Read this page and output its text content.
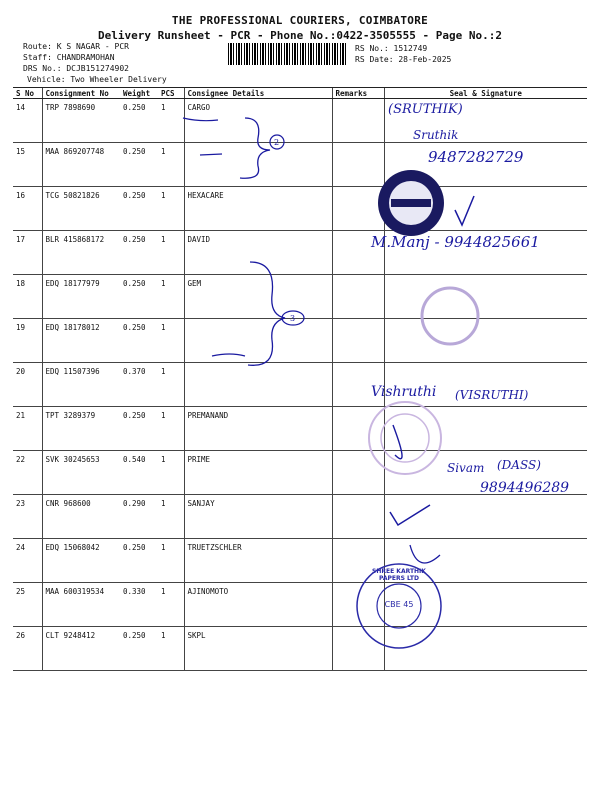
THE PROFESSIONAL COURIERS, COIMBATORE
Delivery Runsheet - PCR - Phone No.:0422-3505555 - Page No.:2
Route: K S NAGAR - PCR
Staff: CHANDRAMOHAN
DRS No.: DCJB151274902
Vehicle: Two Wheeler Delivery
RS No.: 1512749
RS Date: 28-Feb-2025
S No	Consignment No	Weight	PCS	Consignee Details	Remarks	Seal & Signature
14	TRP 7898690	0.250	1	CARGO		
15	MAA 869207748	0.250	1			
16	TCG 50821826	0.250	1	HEXACARE		
17	BLR 415868172	0.250	1	DAVID		
18	EDQ 18177979	0.250	1	GEM		
19	EDQ 18178012	0.250	1			
20	EDQ 11507396	0.370	1			
21	TPT 3289379	0.250	1	PREMANAND		
22	SVK 30245653	0.540	1	PRIME		
23	CNR 968600	0.290	1	SANJAY		
24	EDQ 15068042	0.250	1	TRUETZSCHLER		
25	MAA 600319534	0.330	1	AJINOMOTO		
26	CLT 9248412	0.250	1	SKPL		
2
3
(SRUTHIK)
Sruthik
9487282729
M.Manj - 9944825661
Vishruthi (VISRUTHI)
Sivam (DASS)
9894496289
SHREE KARTHIK PAPERS LTD
CBE 45
